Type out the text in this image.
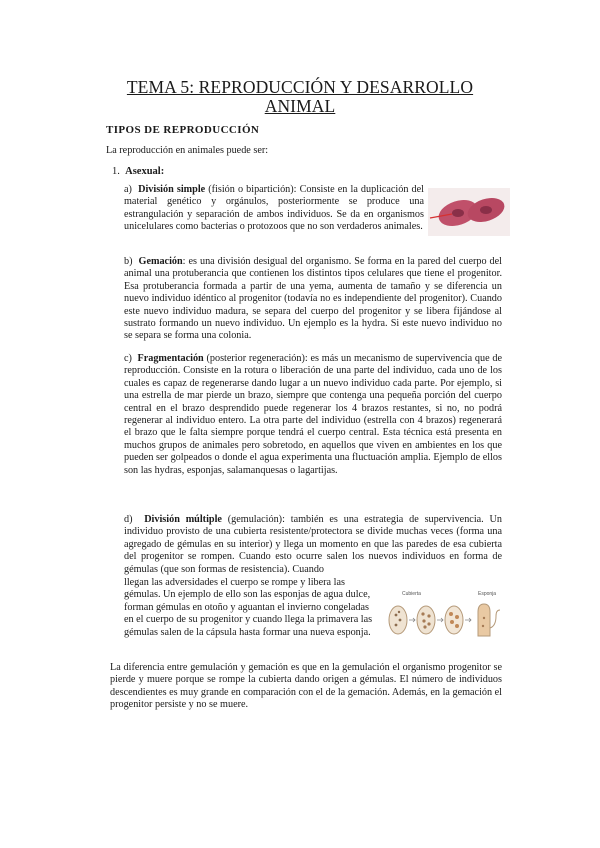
TEMA 5: REPRODUCCIÓN Y DESARROLLO ANIMAL
TIPOS DE REPRODUCCIÓN
La reproducción en animales puede ser:
1. Asexual:
a) División simple (fisión o bipartición): Consiste en la duplicación del material genético y orgánulos, posteriormente se produce una estrangulación y separación de ambos individuos. Se da en organismos unicelulares como bacterias o protozoos que no son verdaderos animales.
b) Gemación: es una división desigual del organismo. Se forma en la pared del cuerpo del animal una protuberancia que contienen los distintos tipos celulares que tiene el progenitor. Esa protuberancia formada a partir de una yema, aumenta de tamaño y se diferencia un nuevo individuo idéntico al progenitor (todavía no es independiente del progenitor). Cuando este nuevo individuo madura, se separa del cuerpo del progenitor y se libera fijándose al sustrato formando un nuevo individuo. Un ejemplo es la hydra. Si este nuevo individuo no se separa se forma una colonia.
c) Fragmentación (posterior regeneración): es más un mecanismo de supervivencia que de reproducción. Consiste en la rotura o liberación de una parte del individuo, cada uno de los cuales es capaz de regenerarse dando lugar a un nuevo individuo cada parte. Por ejemplo, si una estrella de mar pierde un brazo, siempre que contenga una pequeña porción del cuerpo central en el brazo desprendido puede regenerar los 4 brazos restantes, si no, no podrá regenerar al individuo entero. La otra parte del individuo (estrella con 4 brazos) regenerará el brazo que le falta siempre porque tendrá el cuerpo central. Esta técnica está presenta en muchos grupos de animales pero sobretodo, en aquellos que viven en ambientes en los que pueden ser golpeados o donde el agua experimenta una fluctuación amplia. Ejemplo de ellos son las hydras, esponjas, salamanquesas o lagartijas.
d) División múltiple (gemulación): también es una estrategia de supervivencia. Un individuo provisto de una cubierta resistente/protectora se divide muchas veces (forma una agregado de gémulas en su interior) y llega un momento en que las paredes de esa cubierta del progenitor se rompen. Cuando esto ocurre salen los nuevos individuos en forma de gémulas (que son formas de resistencia). Cuando
llegan las adversidades el cuerpo se rompe y libera las gémulas. Un ejemplo de ello son las esponjas de agua dulce, forman gémulas en otoño y aguantan el invierno congeladas en el cuerpo de su progenitor y cuando llega la primavera las gémulas salen de la cápsula hasta formar una nueva esponja.
Cubierta	Esponja
La diferencia entre gemulación y gemación es que en la gemulación el organismo progenitor se pierde y muere porque se rompe la cubierta dando origen a gémulas. El número de individuos descendientes es muy grande en comparación con el de la gemación. Además, en la gemación el progenitor persiste y no se muere.
